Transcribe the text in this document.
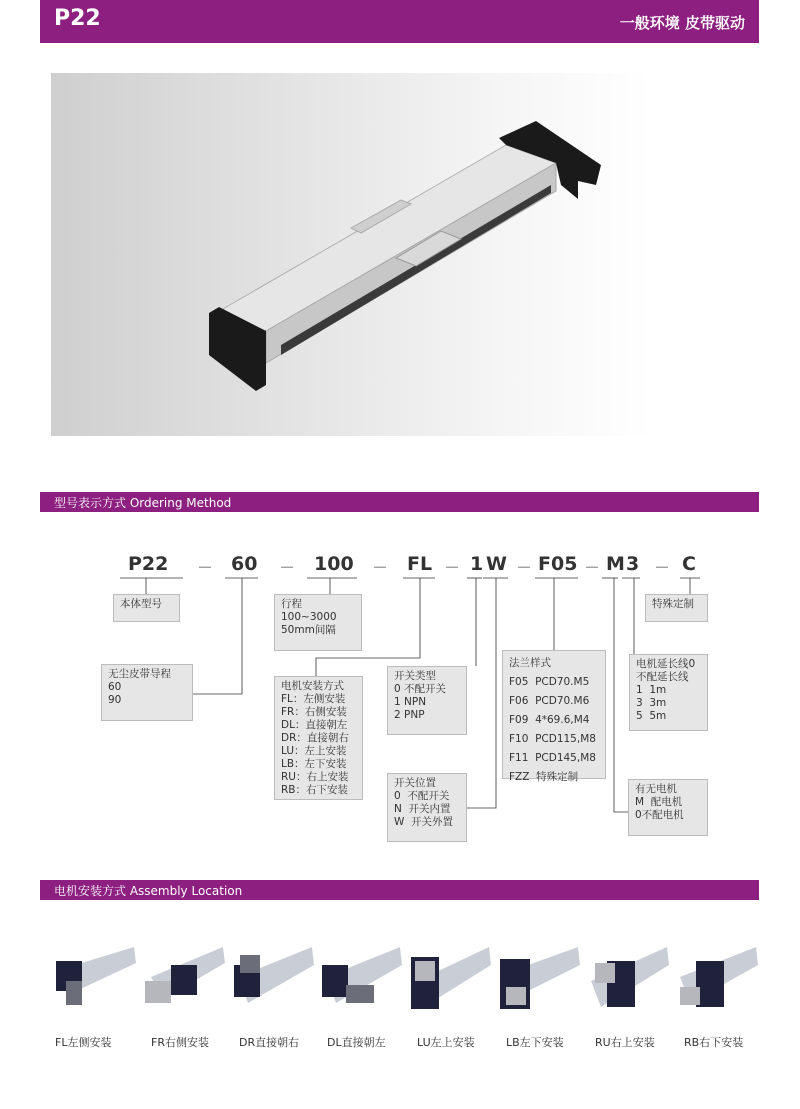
P22	一般环境 皮带驱动
型号表示方式 Ordering Method
P22 － 60 － 100 － FL － 1 W － F05 － M 3 － C
本体型号	行程
100~3000
50mm间隔
无尘皮带导程
60
90
电机安装方式
FL：左侧安装
FR：右侧安装
DL：直接朝左
DR：直接朝右
LU：左上安装
LB：左下安装
RU：右上安装
RB：右下安装
开关类型
0 不配开关
1 NPN
2 PNP
开关位置
0  不配开关
N  开关内置
W  开关外置
法兰样式
F05  PCD70.M5
F06  PCD70.M6
F09  4*69.6,M4
F10  PCD115,M8
F11  PCD145,M8
FZZ  特殊定制
特殊定制
电机延长线0
不配延长线
1  1m
3  3m
5  5m
有无电机
M  配电机
0不配电机
电机安装方式 Assembly Location
FL左侧安装	FR右侧安装	DR直接朝右	DL直接朝左	LU左上安装	LB左下安装	RU右上安装	RB右下安装
